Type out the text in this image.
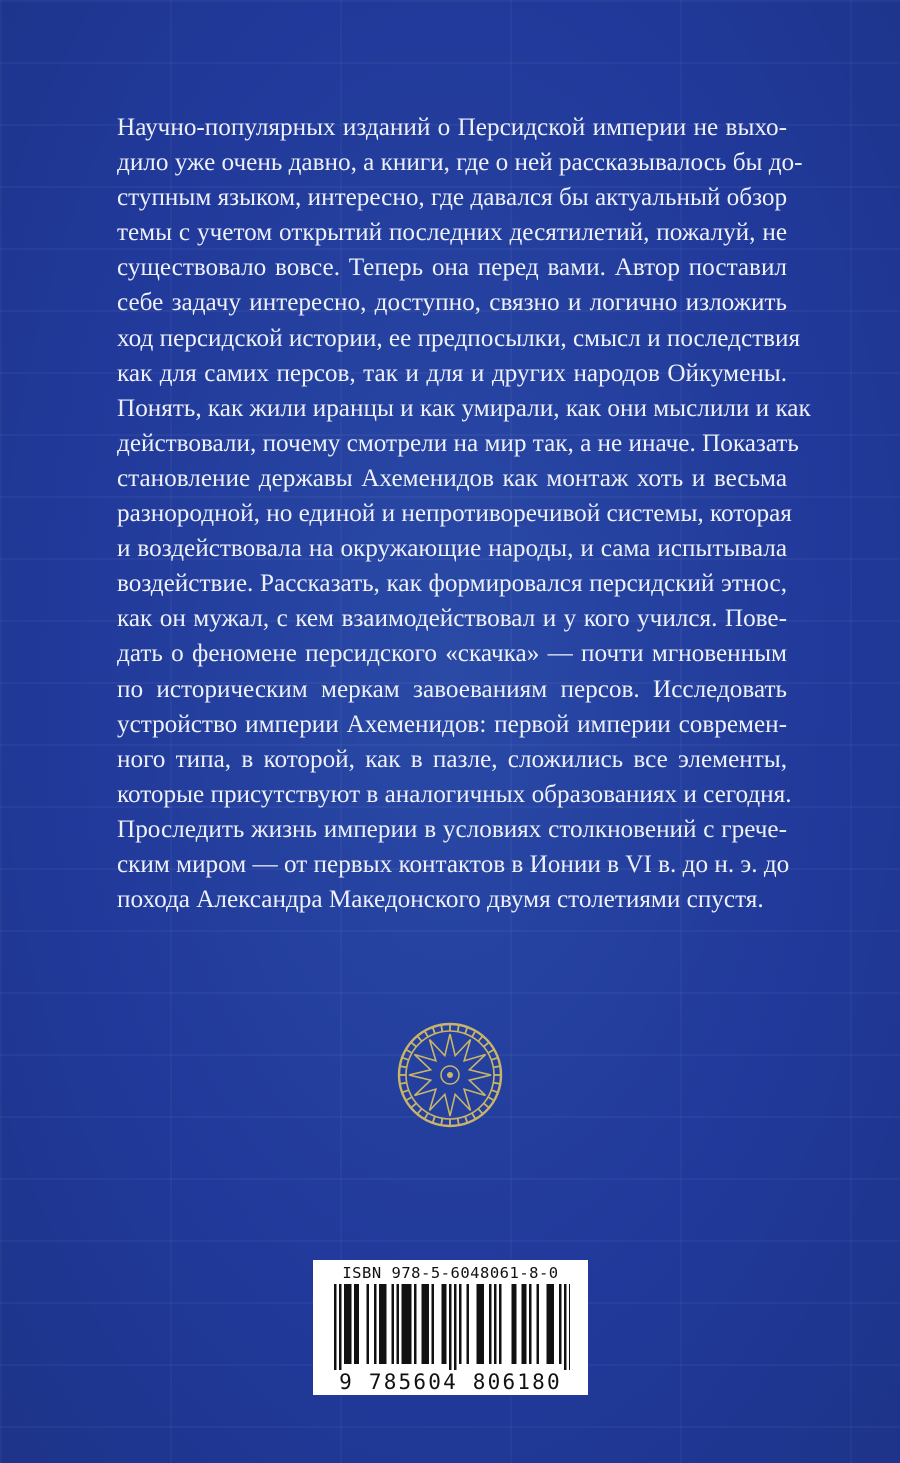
Научно-популярных изданий о Персидской империи не выхо-
дило уже очень давно, а книги, где о ней рассказывалось бы до-
ступным языком, интересно, где давался бы актуальный обзор
темы с учетом открытий последних десятилетий, пожалуй, не
существовало вовсе. Теперь она перед вами. Автор поставил
себе задачу интересно, доступно, связно и логично изложить
ход персидской истории, ее предпосылки, смысл и последствия
как для самих персов, так и для и других народов Ойкумены.
Понять, как жили иранцы и как умирали, как они мыслили и как
действовали, почему смотрели на мир так, а не иначе. Показать
становление державы Ахеменидов как монтаж хоть и весьма
разнородной, но единой и непротиворечивой системы, которая
и воздействовала на окружающие народы, и сама испытывала
воздействие. Рассказать, как формировался персидский этнос,
как он мужал, с кем взаимодействовал и у кого учился. Пове-
дать о феномене персидского «скачка» — почти мгновенным
по историческим меркам завоеваниям персов. Исследовать
устройство империи Ахеменидов: первой империи современ-
ного типа, в которой, как в пазле, сложились все элементы,
которые присутствуют в аналогичных образованиях и сегодня.
Проследить жизнь империи в условиях столкновений с грече-
ским миром — от первых контактов в Ионии в VI в. до н. э. до
похода Александра Македонского двумя столетиями спустя.
ISBN 978-5-6048061-8-0
9 785604 806180
